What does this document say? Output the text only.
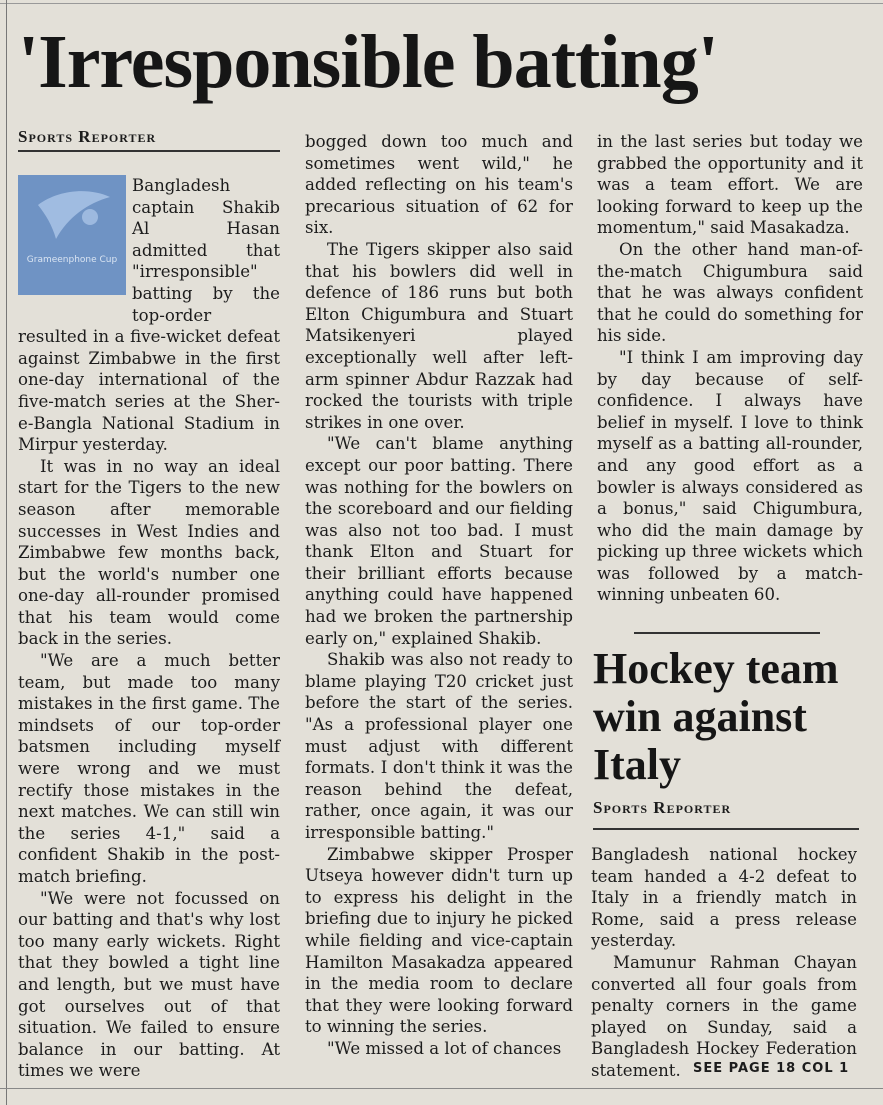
'Irresponsible batting'
Sports Reporter
Grameenphone Cup

Bangladesh captain Shakib Al Hasan admitted that "irresponsible" batting by the top-order resulted in a five-wicket defeat against Zimbabwe in the first one-day international of the five-match series at the Sher-e-Bangla National Stadium in Mirpur yesterday.

It was in no way an ideal start for the Tigers to the new season after memorable successes in West Indies and Zimbabwe few months back, but the world's number one one-day all-rounder promised that his team would come back in the series.

"We are a much better team, but made too many mistakes in the first game. The mindsets of our top-order batsmen including myself were wrong and we must rectify those mistakes in the next matches. We can still win the series 4-1," said a confident Shakib in the post-match briefing.

"We were not focussed on our batting and that's why lost too many early wickets. Right that they bowled a tight line and length, but we must have got ourselves out of that situation. We failed to ensure balance in our batting. At times we were

bogged down too much and sometimes went wild," he added reflecting on his team's precarious situation of 62 for six.

The Tigers skipper also said that his bowlers did well in defence of 186 runs but both Elton Chigumbura and Stuart Matsikenyeri played exceptionally well after left-arm spinner Abdur Razzak had rocked the tourists with triple strikes in one over.

"We can't blame anything except our poor batting. There was nothing for the bowlers on the scoreboard and our fielding was also not too bad. I must thank Elton and Stuart for their brilliant efforts because anything could have happened had we broken the partnership early on," explained Shakib.

Shakib was also not ready to blame playing T20 cricket just before the start of the series. "As a professional player one must adjust with different formats. I don't think it was the reason behind the defeat, rather, once again, it was our irresponsible batting."

Zimbabwe skipper Prosper Utseya however didn't turn up to express his delight in the briefing due to injury he picked while fielding and vice-captain Hamilton Masakadza appeared in the media room to declare that they were looking forward to winning the series.

"We missed a lot of chances

in the last series but today we grabbed the opportunity and it was a team effort. We are looking forward to keep up the momentum," said Masakadza.

On the other hand man-of-the-match Chigumbura said that he was always confident that he could do something for his side.

"I think I am improving day by day because of self-confidence. I always have belief in myself. I love to think myself as a batting all-rounder, and any good effort as a bowler is always considered as a bonus," said Chigumbura, who did the main damage by picking up three wickets which was followed by a match-winning unbeaten 60.

Hockey team win against Italy
Sports Reporter

Bangladesh national hockey team handed a 4-2 defeat to Italy in a friendly match in Rome, said a press release yesterday.

Mamunur Rahman Chayan converted all four goals from penalty corners in the game played on Sunday, said a Bangladesh Hockey Federation statement. SEE PAGE 18 COL 1
